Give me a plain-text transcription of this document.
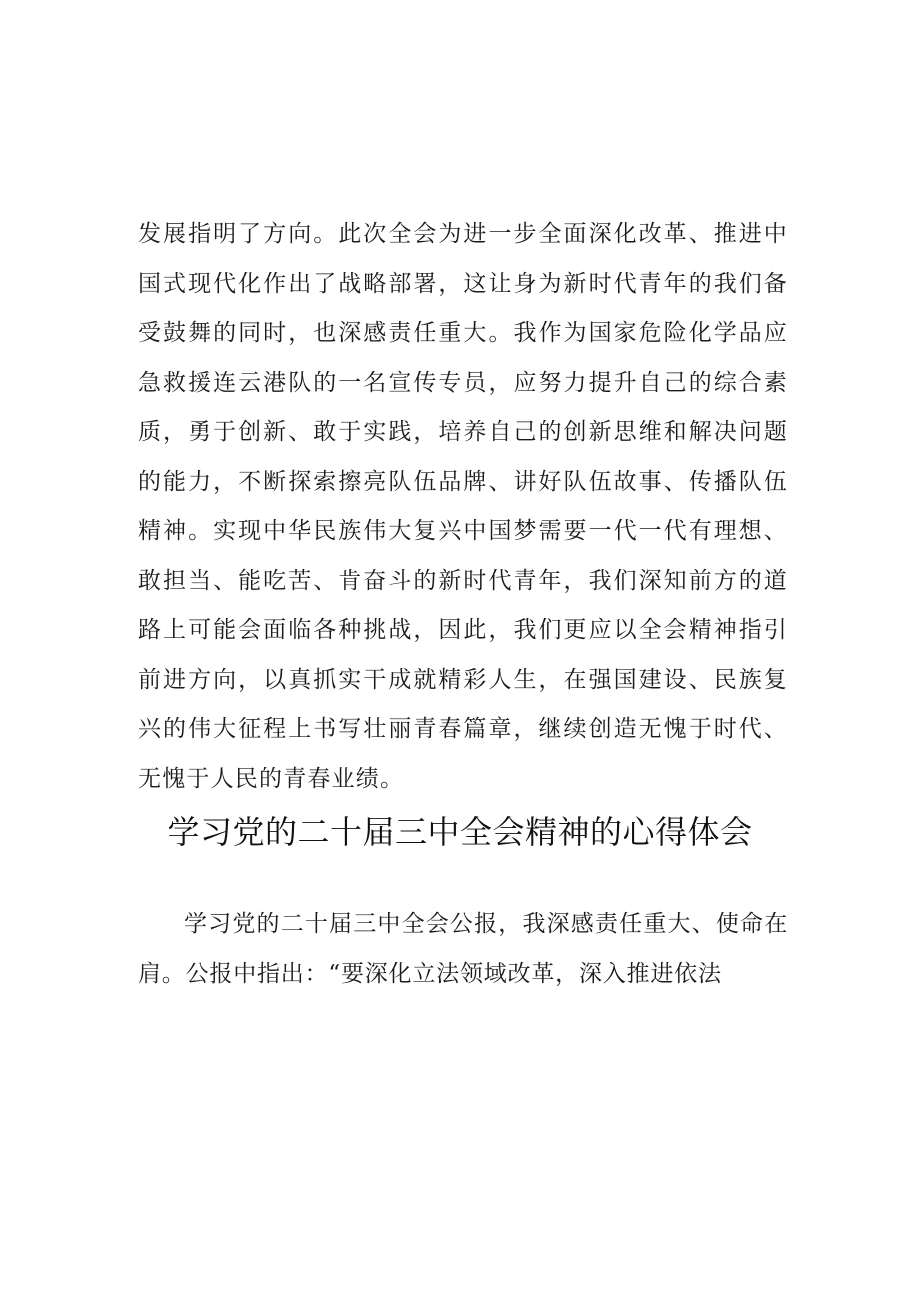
发展指明了方向。此次全会为进一步全面深化改革、推进中国式现代化作出了战略部署，这让身为新时代青年的我们备受鼓舞的同时，也深感责任重大。我作为国家危险化学品应急救援连云港队的一名宣传专员，应努力提升自己的综合素质，勇于创新、敢于实践，培养自己的创新思维和解决问题的能力，不断探索擦亮队伍品牌、讲好队伍故事、传播队伍精神。实现中华民族伟大复兴中国梦需要一代一代有理想、敢担当、能吃苦、肯奋斗的新时代青年，我们深知前方的道路上可能会面临各种挑战，因此，我们更应以全会精神指引前进方向，以真抓实干成就精彩人生，在强国建设、民族复兴的伟大征程上书写壮丽青春篇章，继续创造无愧于时代、无愧于人民的青春业绩。

学习党的二十届三中全会精神的心得体会

学习党的二十届三中全会公报，我深感责任重大、使命在肩。公报中指出：“要深化立法领域改革，深入推进依法
